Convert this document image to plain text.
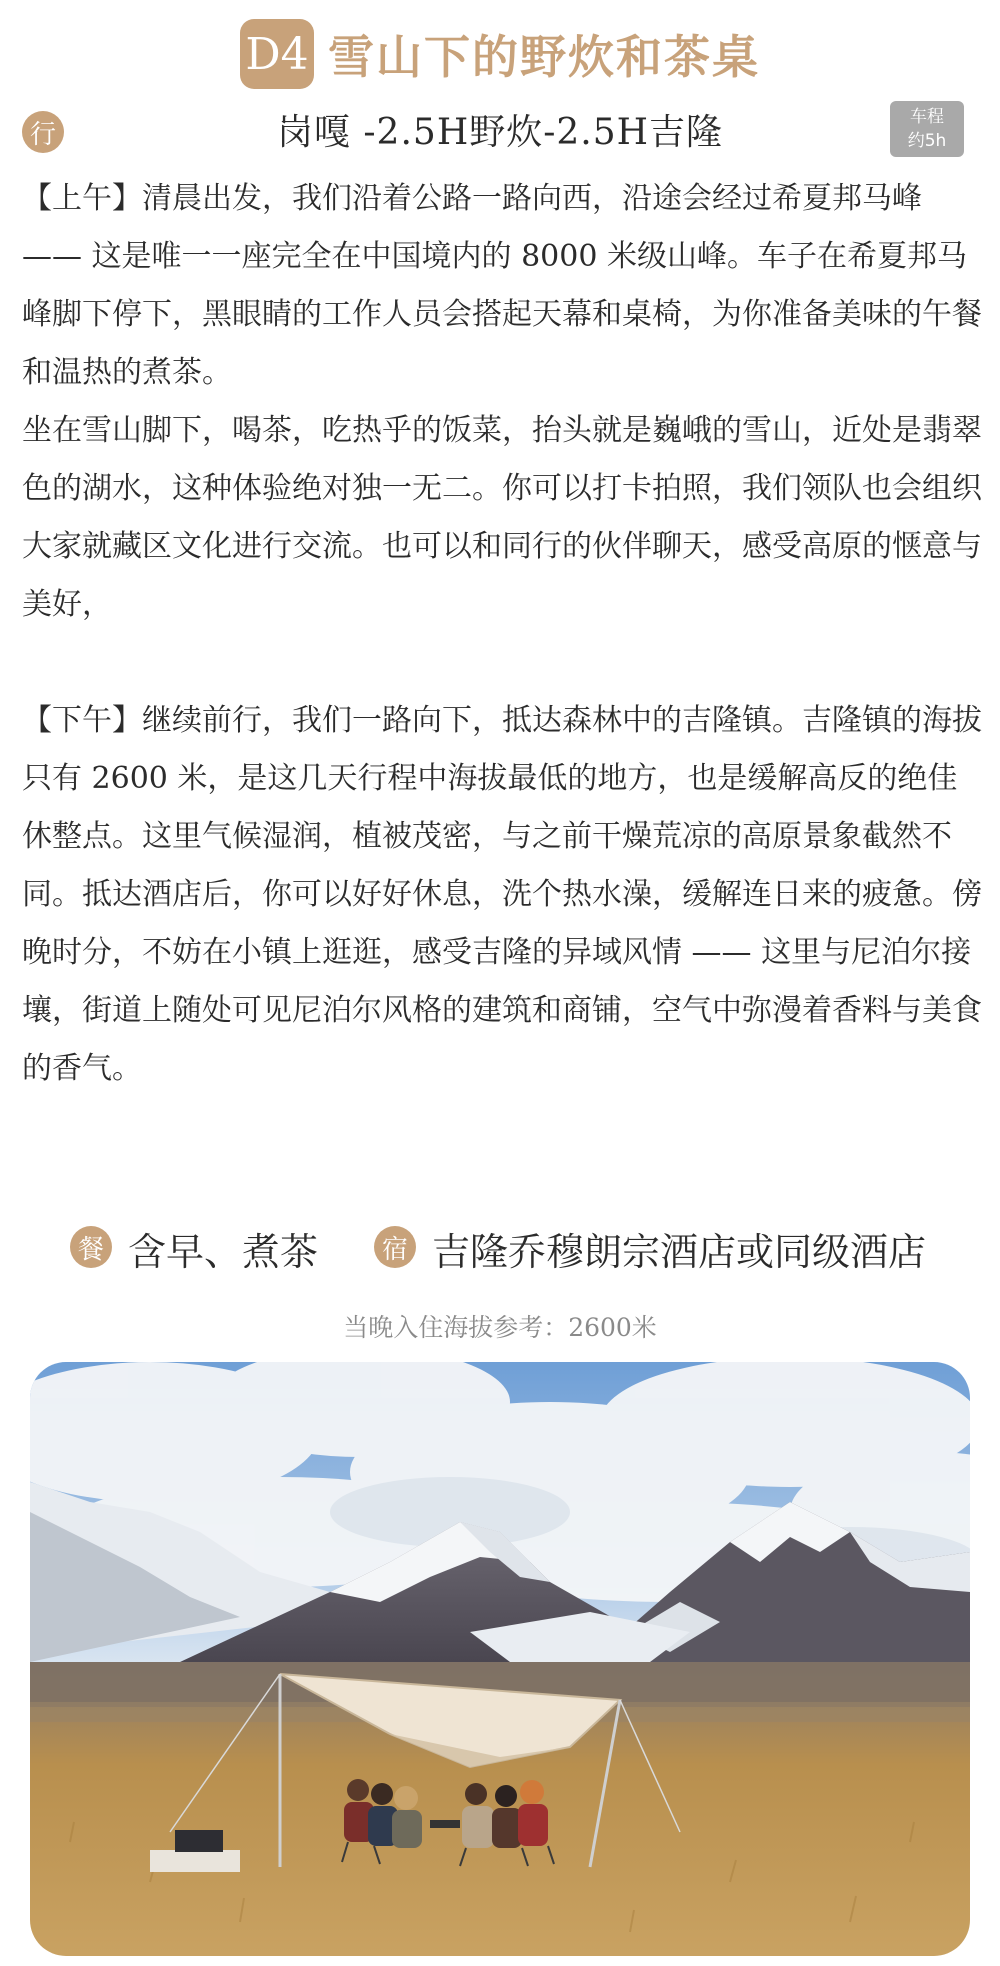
D4 雪山下的野炊和茶桌
行	岗嘎 -2.5H野炊-2.5H吉隆	车程
约5h

【上午】清晨出发，我们沿着公路一路向西，沿途会经过希夏邦马峰 —— 这是唯一一座完全在中国境内的 8000 米级山峰。车子在希夏邦马峰脚下停下，黑眼睛的工作人员会搭起天幕和桌椅，为你准备美味的午餐和温热的煮茶。

坐在雪山脚下，喝茶，吃热乎的饭菜，抬头就是巍峨的雪山，近处是翡翠色的湖水，这种体验绝对独一无二。你可以打卡拍照，我们领队也会组织大家就藏区文化进行交流。也可以和同行的伙伴聊天，感受高原的惬意与美好，

【下午】继续前行，我们一路向下，抵达森林中的吉隆镇。吉隆镇的海拔只有 2600 米，是这几天行程中海拔最低的地方，也是缓解高反的绝佳休整点。这里气候湿润，植被茂密，与之前干燥荒凉的高原景象截然不同。抵达酒店后，你可以好好休息，洗个热水澡，缓解连日来的疲惫。傍晚时分，不妨在小镇上逛逛，感受吉隆的异域风情 —— 这里与尼泊尔接壤，街道上随处可见尼泊尔风格的建筑和商铺，空气中弥漫着香料与美食的香气。

餐 含早、煮茶	宿 吉隆乔穆朗宗酒店或同级酒店
当晚入住海拔参考：2600米
